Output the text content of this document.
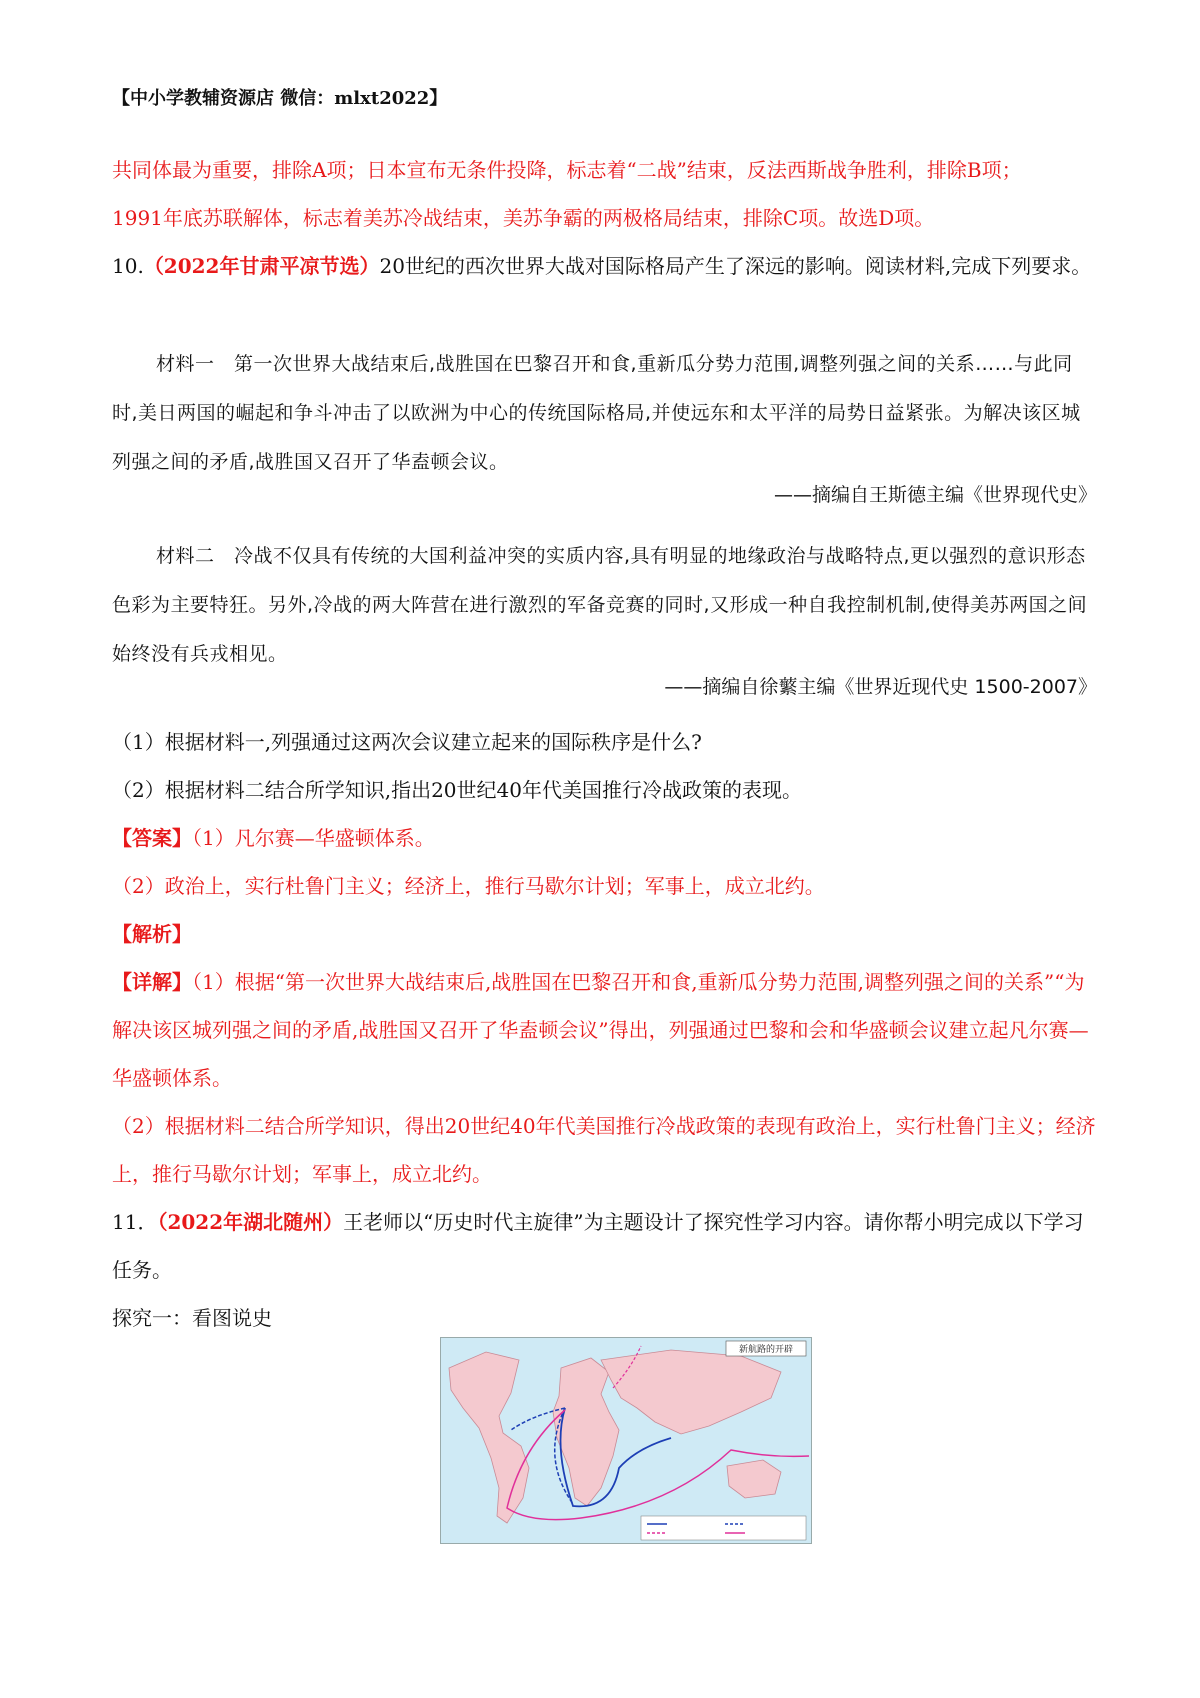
【中小学教辅资源店 微信：mlxt2022】

共同体最为重要，排除A项；日本宣布无条件投降，标志着“二战”结束，反法西斯战争胜利，排除B项；

1991年底苏联解体，标志着美苏冷战结束，美苏争霸的两极格局结束，排除C项。故选D项。

10.（2022年甘肃平凉节选）20世纪的西次世界大战对国际格局产生了深远的影响。阅读材料,完成下列要求。

材料一　第一次世界大战结束后,战胜国在巴黎召开和食,重新瓜分势力范围,调整列强之间的关系……与此同时,美日两国的崛起和争斗冲击了以欧洲为中心的传统国际格局,并使远东和太平洋的局势日益紧张。为解决该区城列强之间的矛盾,战胜国又召开了华盍顿会议。

——摘编自王斯德主编《世界现代史》

材料二　冷战不仅具有传统的大国利益冲突的实质内容,具有明显的地缘政治与战略特点,更以强烈的意识形态色彩为主要特狂。另外,冷战的两大阵营在进行激烈的军备竞赛的同时,又形成一种自我控制机制,使得美苏两国之间始终没有兵戎相见。

——摘编自徐蘩主编《世界近现代史 1500-2007》

（1）根据材料一,列强通过这两次会议建立起来的国际秩序是什么?

（2）根据材料二结合所学知识,指出20世纪40年代美国推行冷战政策的表现。

【答案】（1）凡尔赛—华盛顿体系。

（2）政治上，实行杜鲁门主义；经济上，推行马歇尔计划；军事上，成立北约。

【解析】

【详解】（1）根据“第一次世界大战结束后,战胜国在巴黎召开和食,重新瓜分势力范围,调整列强之间的关系”“为解决该区城列强之间的矛盾,战胜国又召开了华盍顿会议”得出，列强通过巴黎和会和华盛顿会议建立起凡尔赛—华盛顿体系。

（2）根据材料二结合所学知识，得出20世纪40年代美国推行冷战政策的表现有政治上，实行杜鲁门主义；经济上，推行马歇尔计划；军事上，成立北约。

11．（2022年湖北随州）王老师以“历史时代主旋律”为主题设计了探究性学习内容。请你帮小明完成以下学习任务。

探究一：看图说史

新航路的开辟
